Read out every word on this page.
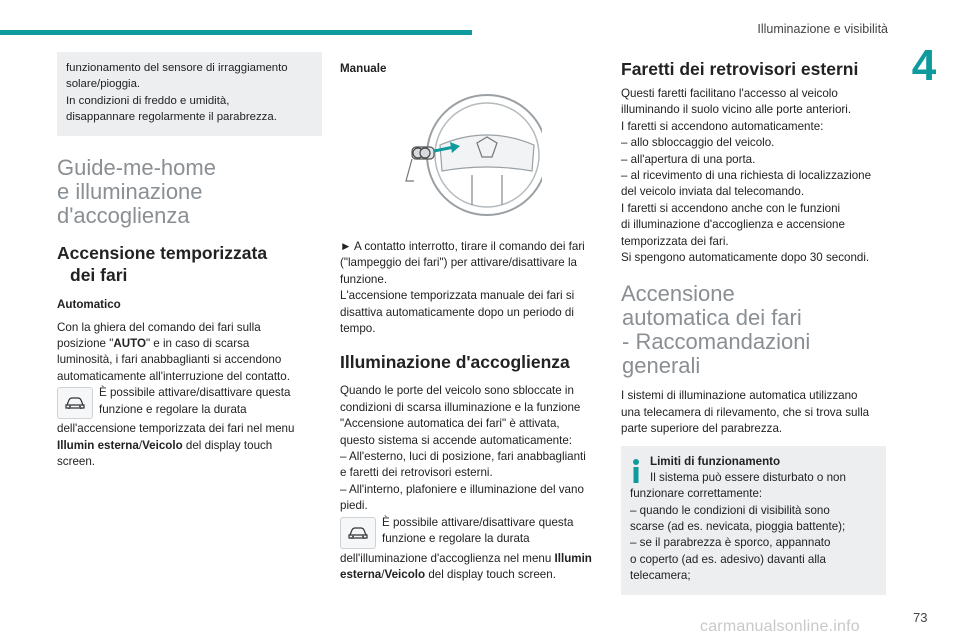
Illuminazione e visibilità
4

funzionamento del sensore di irraggiamento

solare/pioggia.

In condizioni di freddo e umidità,

disappannare regolarmente il parabrezza.

Guide-me-home
e illuminazione
d'accoglienza
Accensione temporizzata
dei fari
Automatico

Con la ghiera del comando dei fari sulla

posizione "AUTO" e in caso di scarsa

luminosità, i fari anabbaglianti si accendono

automaticamente all'interruzione del contatto.

È possibile attivare/disattivare questa

funzione e regolare la durata

dell'accensione temporizzata dei fari nel menu

Illumin esterna/Veicolo del display touch

screen.

Manuale

► A contatto interrotto, tirare il comando dei fari

("lampeggio dei fari") per attivare/disattivare la

funzione.

L'accensione temporizzata manuale dei fari si

disattiva automaticamente dopo un periodo di

tempo.

Illuminazione d'accoglienza

Quando le porte del veicolo sono sbloccate in

condizioni di scarsa illuminazione e la funzione

"Accensione automatica dei fari" è attivata,

questo sistema si accende automaticamente:

– All'esterno, luci di posizione, fari anabbaglianti

e faretti dei retrovisori esterni.

– All'interno, plafoniere e illuminazione del vano

piedi.

È possibile attivare/disattivare questa

funzione e regolare la durata

dell'illuminazione d'accoglienza nel menu Illumin

esterna/Veicolo del display touch screen.

Faretti dei retrovisori esterni

Questi faretti facilitano l'accesso al veicolo

illuminando il suolo vicino alle porte anteriori.

I faretti si accendono automaticamente:

– allo sbloccaggio del veicolo.

– all'apertura di una porta.

– al ricevimento di una richiesta di localizzazione

del veicolo inviata dal telecomando.

I faretti si accendono anche con le funzioni

di illuminazione d'accoglienza e accensione

temporizzata dei fari.

Si spengono automaticamente dopo 30 secondi.

Accensione
automatica dei fari
- Raccomandazioni
generali

I sistemi di illuminazione automatica utilizzano

una telecamera di rilevamento, che si trova sulla

parte superiore del parabrezza.

Limiti di funzionamento

Il sistema può essere disturbato o non

funzionare correttamente:

– quando le condizioni di visibilità sono

scarse (ad es. nevicata, pioggia battente);

– se il parabrezza è sporco, appannato

o coperto (ad es. adesivo) davanti alla

telecamera;

73
carmanualsonline.info
